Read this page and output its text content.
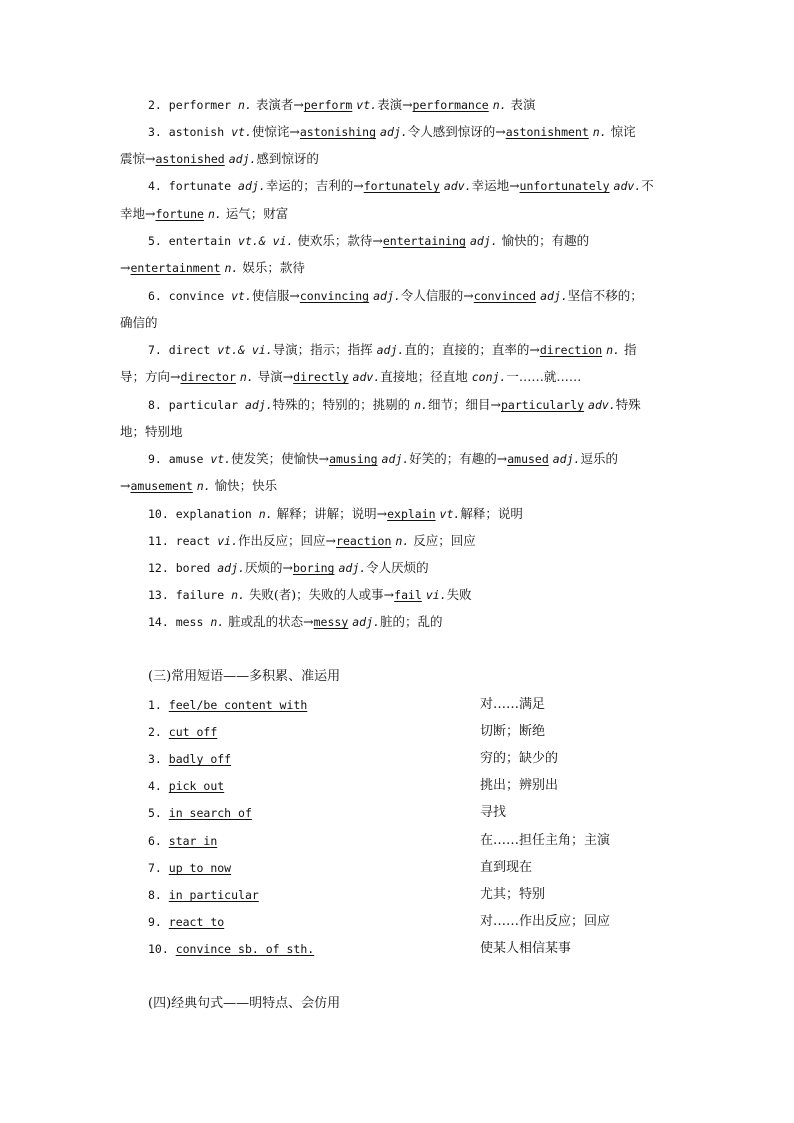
2. performer n. 表演者→perform vt.表演→performance n. 表演
3. astonish vt.使惊诧→astonishing adj.令人感到惊讶的→astonishment n. 惊诧
震惊→astonished adj.感到惊讶的
4. fortunate adj.幸运的；吉利的→fortunately adv.幸运地→unfortunately adv.不
幸地→fortune n. 运气；财富
5. entertain vt.& vi. 使欢乐；款待→entertaining adj. 愉快的；有趣的
→entertainment n. 娱乐；款待
6. convince vt.使信服→convincing adj.令人信服的→convinced adj.坚信不移的；
确信的
7. direct vt.& vi.导演；指示；指挥 adj.直的；直接的；直率的→direction n. 指
导；方向→director n. 导演→directly adv.直接地；径直地 conj.一……就……
8. particular adj.特殊的；特别的；挑剔的 n.细节；细目→particularly adv.特殊
地；特别地
9. amuse vt.使发笑；使愉快→amusing adj.好笑的；有趣的→amused adj.逗乐的
→amusement n. 愉快；快乐
10. explanation n. 解释；讲解；说明→explain vt.解释；说明
11. react vi.作出反应；回应→reaction n. 反应；回应
12. bored adj.厌烦的→boring adj.令人厌烦的
13. failure n. 失败(者)；失败的人或事→fail vi.失败
14. mess n. 脏或乱的状态→messy adj.脏的；乱的
(三)常用短语——多积累、准运用
1. feel/be content with	对……满足
2. cut off	切断；断绝
3. badly off	穷的；缺少的
4. pick out	挑出；辨别出
5. in search of	寻找
6. star in	在……担任主角；主演
7. up to now	直到现在
8. in particular	尤其；特别
9. react to	对……作出反应；回应
10. convince sb. of sth.	使某人相信某事
(四)经典句式——明特点、会仿用
